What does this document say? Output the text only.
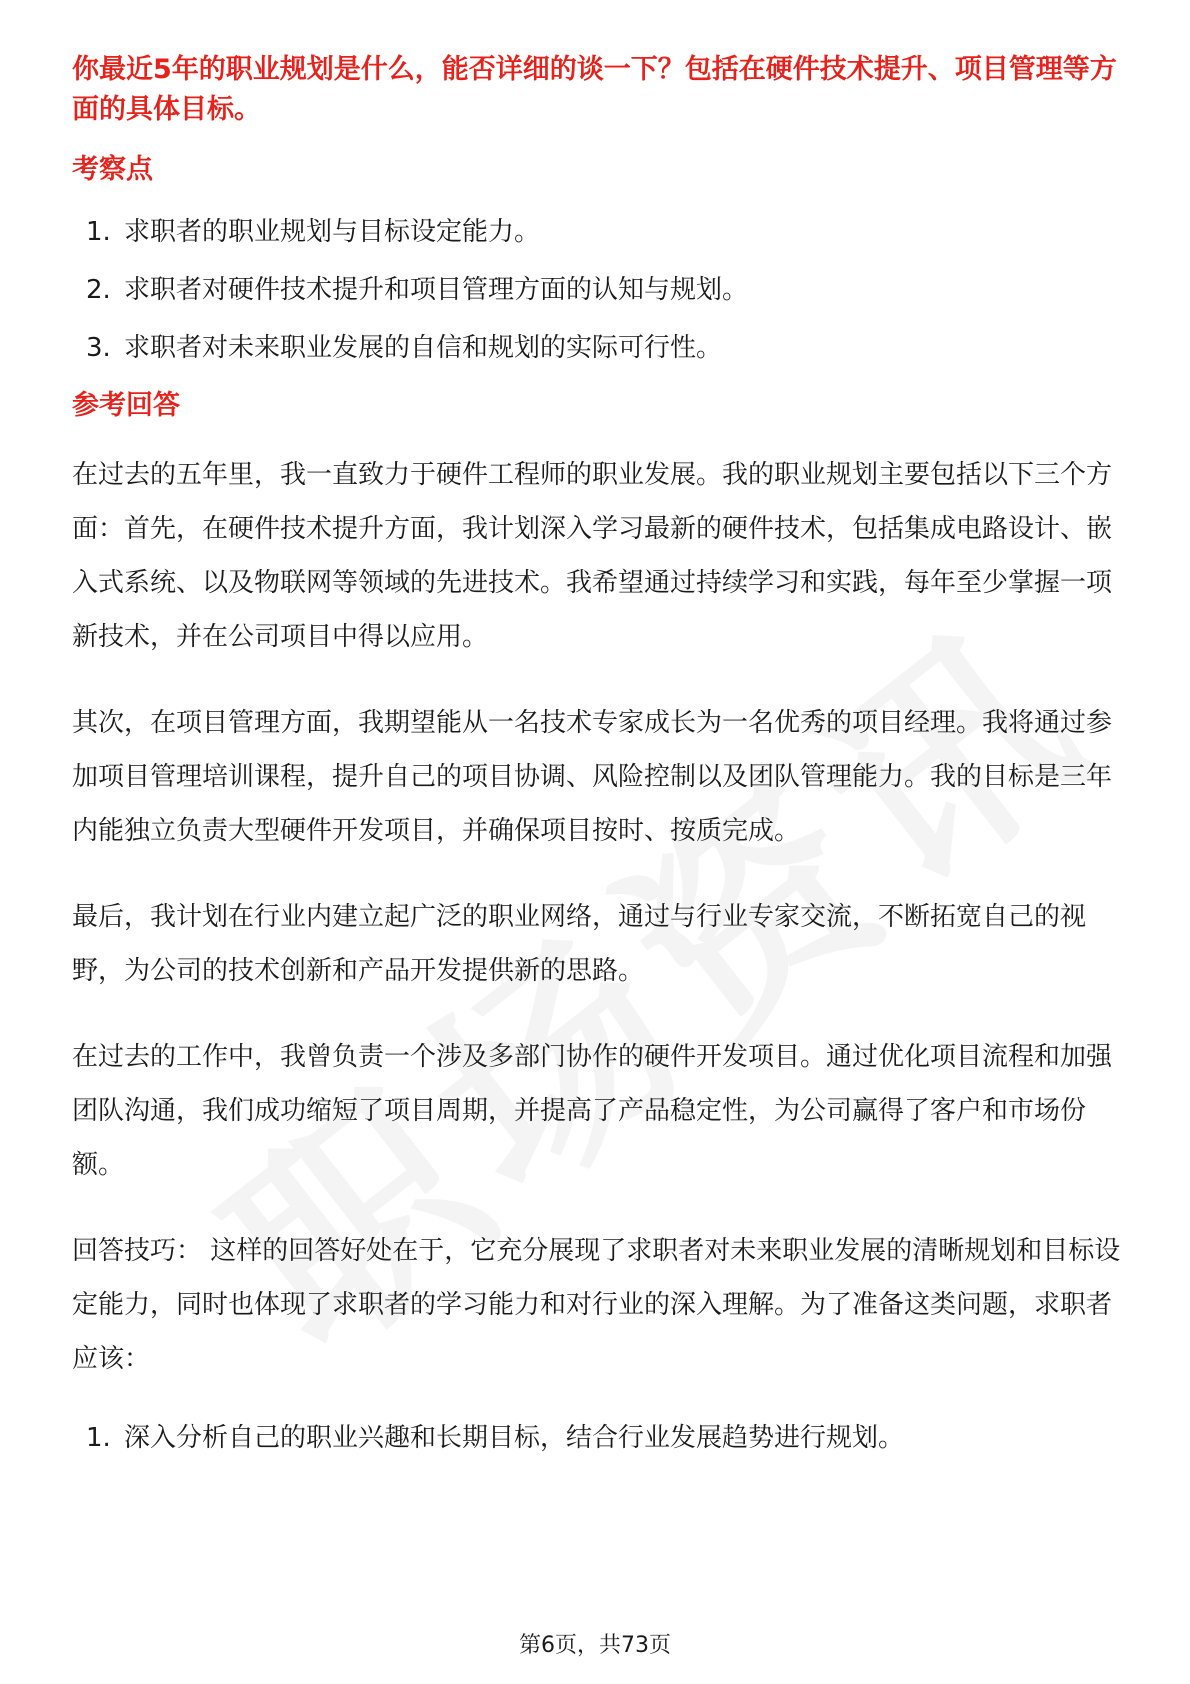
你最近5年的职业规划是什么，能否详细的谈一下？包括在硬件技术提升、项目管理等方面的具体目标。

考察点
1. 求职者的职业规划与目标设定能力。
2. 求职者对硬件技术提升和项目管理方面的认知与规划。
3. 求职者对未来职业发展的自信和规划的实际可行性。
参考回答

在过去的五年里，我一直致力于硬件工程师的职业发展。我的职业规划主要包括以下三个方面：首先，在硬件技术提升方面，我计划深入学习最新的硬件技术，包括集成电路设计、嵌入式系统、以及物联网等领域的先进技术。我希望通过持续学习和实践，每年至少掌握一项新技术，并在公司项目中得以应用。

其次，在项目管理方面，我期望能从一名技术专家成长为一名优秀的项目经理。我将通过参加项目管理培训课程，提升自己的项目协调、风险控制以及团队管理能力。我的目标是三年内能独立负责大型硬件开发项目，并确保项目按时、按质完成。

最后，我计划在行业内建立起广泛的职业网络，通过与行业专家交流，不断拓宽自己的视野，为公司的技术创新和产品开发提供新的思路。

在过去的工作中，我曾负责一个涉及多部门协作的硬件开发项目。通过优化项目流程和加强团队沟通，我们成功缩短了项目周期，并提高了产品稳定性，为公司赢得了客户和市场份额。

回答技巧： 这样的回答好处在于，它充分展现了求职者对未来职业发展的清晰规划和目标设定能力，同时也体现了求职者的学习能力和对行业的深入理解。为了准备这类问题，求职者应该：

1. 深入分析自己的职业兴趣和长期目标，结合行业发展趋势进行规划。
第6页，共73页
